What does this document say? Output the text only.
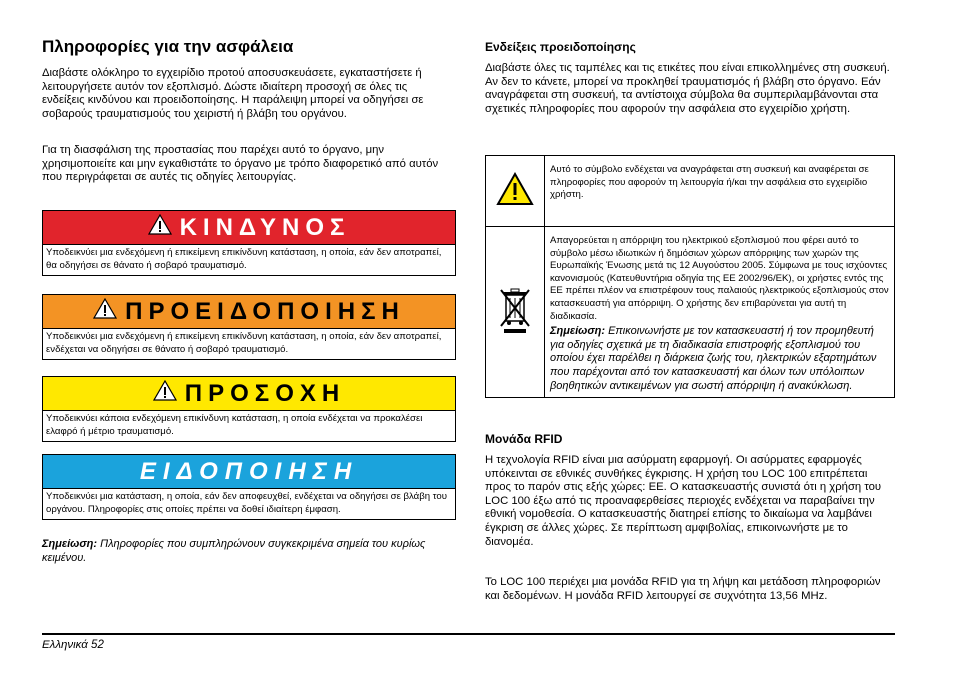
Πληροφορίες για την ασφάλεια

Διαβάστε ολόκληρο το εγχειρίδιο προτού αποσυσκευάσετε, εγκαταστήσετε ή λειτουργήσετε αυτόν τον εξοπλισμό. Δώστε ιδιαίτερη προσοχή σε όλες τις ενδείξεις κινδύνου και προειδοποίησης. Η παράλειψη μπορεί να οδηγήσει σε σοβαρούς τραυματισμούς του χειριστή ή βλάβη του οργάνου.

Για τη διασφάλιση της προστασίας που παρέχει αυτό το όργανο, μην χρησιμοποιείτε και μην εγκαθιστάτε το όργανο με τρόπο διαφορετικό από αυτόν που περιγράφεται σε αυτές τις οδηγίες λειτουργίας.

ΚΙΝΔΥΝΟΣ
Υποδεικνύει μια ενδεχόμενη ή επικείμενη επικίνδυνη κατάσταση, η οποία, εάν δεν αποτραπεί, θα οδηγήσει σε θάνατο ή σοβαρό τραυματισμό.
ΠΡΟΕΙΔΟΠΟΙΗΣΗ
Υποδεικνύει μια ενδεχόμενη ή επικείμενη επικίνδυνη κατάσταση, η οποία, εάν δεν αποτραπεί, ενδέχεται να οδηγήσει σε θάνατο ή σοβαρό τραυματισμό.
ΠΡΟΣΟΧΗ
Υποδεικνύει κάποια ενδεχόμενη επικίνδυνη κατάσταση, η οποία ενδέχεται να προκαλέσει ελαφρό ή μέτριο τραυματισμό.
ΕΙΔΟΠΟΙΗΣΗ
Υποδεικνύει μια κατάσταση, η οποία, εάν δεν αποφευχθεί, ενδέχεται να οδηγήσει σε βλάβη του οργάνου. Πληροφορίες στις οποίες πρέπει να δοθεί ιδιαίτερη έμφαση.
Σημείωση: Πληροφορίες που συμπληρώνουν συγκεκριμένα σημεία του κυρίως κειμένου.
Ενδείξεις προειδοποίησης

Διαβάστε όλες τις ταμπέλες και τις ετικέτες που είναι επικολλημένες στη συσκευή. Αν δεν το κάνετε, μπορεί να προκληθεί τραυματισμός ή βλάβη στο όργανο. Εάν αναγράφεται στη συσκευή, τα αντίστοιχα σύμβολα θα συμπεριλαμβάνονται στα σχετικές πληροφορίες που αφορούν την ασφάλεια στο εγχειρίδιο χρήστη.

	Αυτό το σύμβολο ενδέχεται να αναγράφεται στη συσκευή και αναφέρεται σε πληροφορίες που αφορούν τη λειτουργία ή/και την ασφάλεια στο εγχειρίδιο χρήστη.

Απαγορεύεται η απόρριψη του ηλεκτρικού εξοπλισμού που φέρει αυτό το σύμβολο μέσω ιδιωτικών ή δημόσιων χώρων απόρριψης των χωρών της Ευρωπαϊκής Ένωσης μετά τις 12 Αυγούστου 2005. Σύμφωνα με τους ισχύοντες κανονισμούς (Κατευθυντήρια οδηγία της ΕΕ 2002/96/ΕΚ), οι χρήστες εντός της ΕΕ πρέπει πλέον να επιστρέφουν τους παλαιούς ηλεκτρικούς εξοπλισμούς στον κατασκευαστή για απόρριψη. Ο χρήστης δεν επιβαρύνεται για αυτή τη διαδικασία.
Σημείωση: Επικοινωνήστε με τον κατασκευαστή ή τον προμηθευτή για οδηγίες σχετικά με τη διαδικασία επιστροφής εξοπλισμού του οποίου έχει παρέλθει η διάρκεια ζωής του, ηλεκτρικών εξαρτημάτων που παρέχονται από τον κατασκευαστή και όλων των υπόλοιπων βοηθητικών αντικειμένων για σωστή απόρριψη ή ανακύκλωση.
Μονάδα RFID

Η τεχνολογία RFID είναι μια ασύρματη εφαρμογή. Οι ασύρματες εφαρμογές υπόκεινται σε εθνικές συνθήκες έγκρισης. Η χρήση του LOC 100 επιτρέπεται προς το παρόν στις εξής χώρες: ΕΕ. Ο κατασκευαστής συνιστά ότι η χρήση του LOC 100 έξω από τις προαναφερθείσες περιοχές ενδέχεται να παραβαίνει την εθνική νομοθεσία. Ο κατασκευαστής διατηρεί επίσης το δικαίωμα να λαμβάνει έγκριση σε άλλες χώρες. Σε περίπτωση αμφιβολίας, επικοινωνήστε με το διανομέα.

Το LOC 100 περιέχει μια μονάδα RFID για τη λήψη και μετάδοση πληροφοριών και δεδομένων. Η μονάδα RFID λειτουργεί σε συχνότητα 13,56 MHz.

Ελληνικά 52
